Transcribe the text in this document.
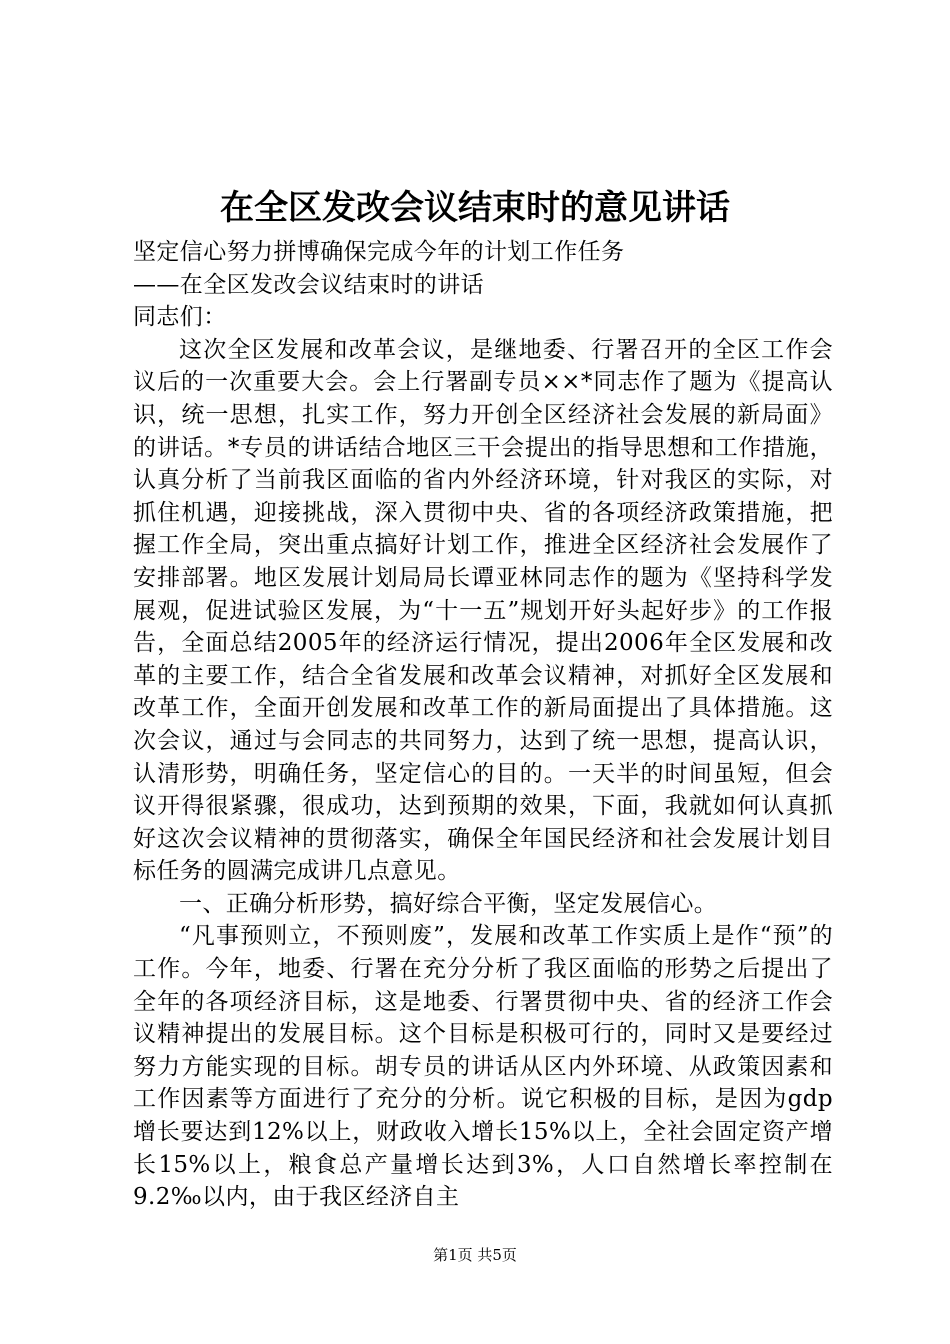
在全区发改会议结束时的意见讲话

坚定信心努力拼博确保完成今年的计划工作任务

——在全区发改会议结束时的讲话

同志们：

这次全区发展和改革会议，是继地委、行署召开的全区工作会议后的一次重要大会。会上行署副专员××*同志作了题为《提高认识，统一思想，扎实工作，努力开创全区经济社会发展的新局面》的讲话。*专员的讲话结合地区三干会提出的指导思想和工作措施，认真分析了当前我区面临的省内外经济环境，针对我区的实际，对抓住机遇，迎接挑战，深入贯彻中央、省的各项经济政策措施，把握工作全局，突出重点搞好计划工作，推进全区经济社会发展作了安排部署。地区发展计划局局长谭亚林同志作的题为《坚持科学发展观，促进试验区发展，为“十一五”规划开好头起好步》的工作报告，全面总结2005年的经济运行情况，提出2006年全区发展和改革的主要工作，结合全省发展和改革会议精神，对抓好全区发展和改革工作，全面开创发展和改革工作的新局面提出了具体措施。这次会议，通过与会同志的共同努力，达到了统一思想，提高认识，认清形势，明确任务，坚定信心的目的。一天半的时间虽短，但会议开得很紧骤，很成功，达到预期的效果，下面，我就如何认真抓好这次会议精神的贯彻落实，确保全年国民经济和社会发展计划目标任务的圆满完成讲几点意见。

一、正确分析形势，搞好综合平衡，坚定发展信心。

“凡事预则立，不预则废”，发展和改革工作实质上是作“预”的工作。今年，地委、行署在充分分析了我区面临的形势之后提出了全年的各项经济目标，这是地委、行署贯彻中央、省的经济工作会议精神提出的发展目标。这个目标是积极可行的，同时又是要经过努力方能实现的目标。胡专员的讲话从区内外环境、从政策因素和工作因素等方面进行了充分的分析。说它积极的目标，是因为gdp增长要达到12%以上，财政收入增长15%以上，全社会固定资产增长15%以上，粮食总产量增长达到3%，人口自然增长率控制在9.2‰以内，由于我区经济自主

第1页 共5页
